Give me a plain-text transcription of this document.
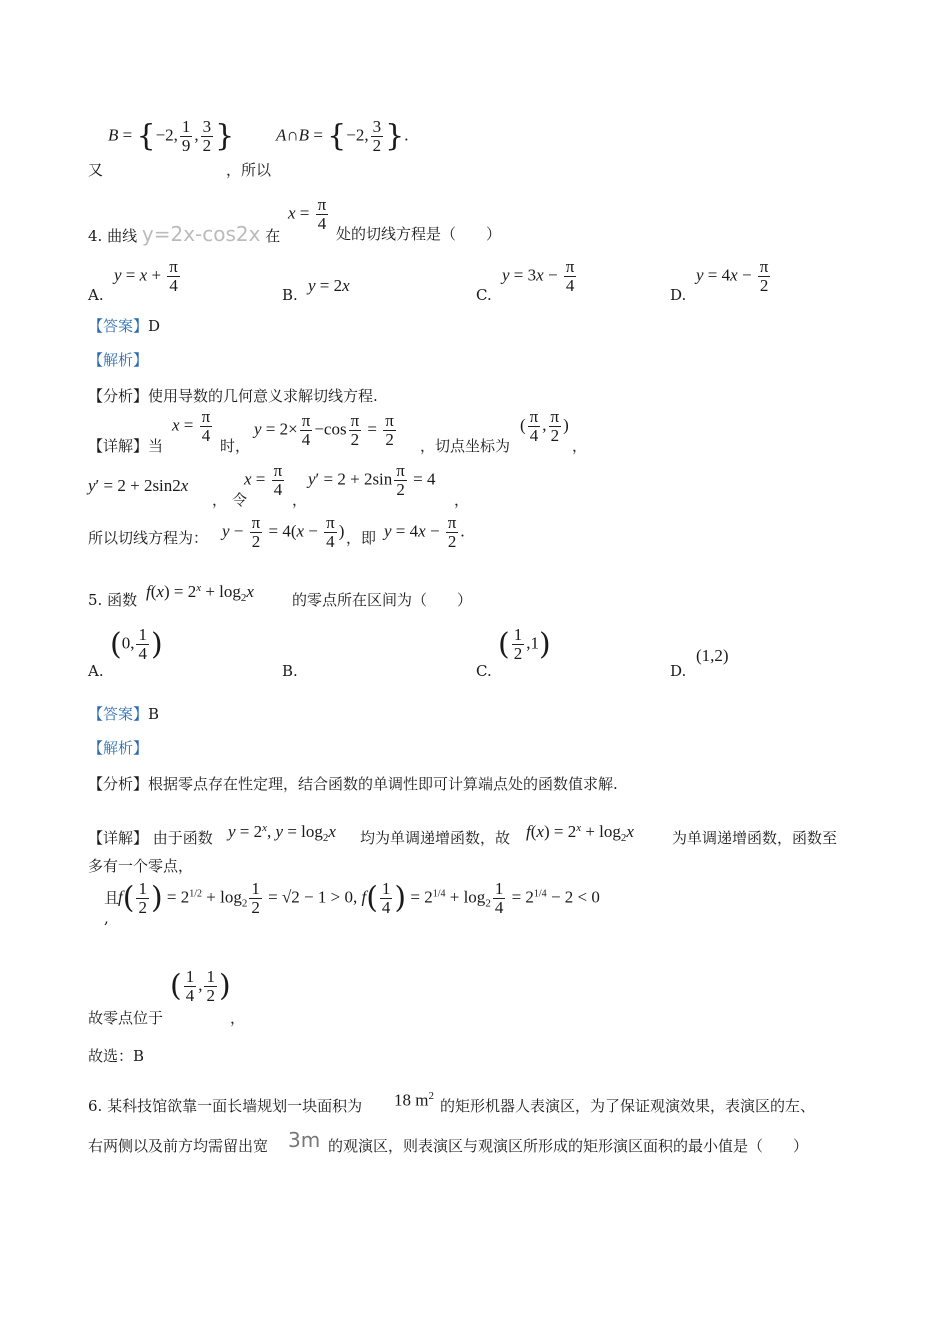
又
B = {−2, $\frac{1}{9}$ , $\frac{3}{2}$ }
，所以
A∩B = {−2, $\frac{3}{2}$ }.
$x = \frac{\pi}{4}$
4. 曲线 y=2x-cos2x 在	处的切线方程是（　　）
A.
$y = x + \frac{\pi}{4}$
B. y = 2x	C.
$y = 3x - \frac{\pi}{4}$
D.
$y = 4x - \frac{\pi}{2}$
【答案】D
【解析】
【分析】使用导数的几何意义求解切线方程.
【详解】当
$x = \frac{\pi}{4}$
时，
$y = 2\times \frac{\pi}{4} -\cos \frac{\pi}{2} = \frac{\pi}{2}$ ，切点坐标为
( $\frac{\pi}{4}$ , $\frac{\pi}{2}$ )
，
y′ = 2 + 2sin2x
， 令
$x = \frac{\pi}{4}$
，
$y' = 2 + 2\sin \frac{\pi}{2} = 4$
，
所以切线方程为： $y - \frac{\pi}{2} = 4(x - \frac{\pi}{4}$ ) ，即 $y = 4x - \frac{\pi}{2}$ .
5. 函数 $f(x) = 2^x + \log_2x$	的零点所在区间为（　　）
A.
(0, $\frac{1}{4}$ )
B.	C.
( $\frac{1}{2} ,1$)
D.
(1,2)
【答案】B
【解析】
【分析】根据零点存在性定理，结合函数的单调性即可计算端点处的函数值求解.
【详解】 由于函数 $y = 2^x$, $y = \log_2x$ 均为单调递增函数，故 $f(x) = 2^x + \log_2x$	为单调递增函数，函数至
多有一个零点，
且
,
$f( \frac{1}{2}$ ) = $2^{1/2} + \log_2 \frac{1}{2} = √2 - 1 > 0$, $f( \frac{1}{4}$ ) = $2^{1/4} + \log_2 \frac{1}{4} = 2^{1/4} - 2 < 0$
故零点位于
( $\frac{1}{4}$ , $\frac{1}{2}$ )
，
故选：B
6. 某科技馆欲靠一面长墙规划一块面积为 18 $m^2$
的矩形机器人表演区，为了保证观演效果，表演区的左、
右两侧以及前方均需留出宽 3m 的观演区，则表演区与观演区所形成的矩形演区面积的最小值是（　　）
